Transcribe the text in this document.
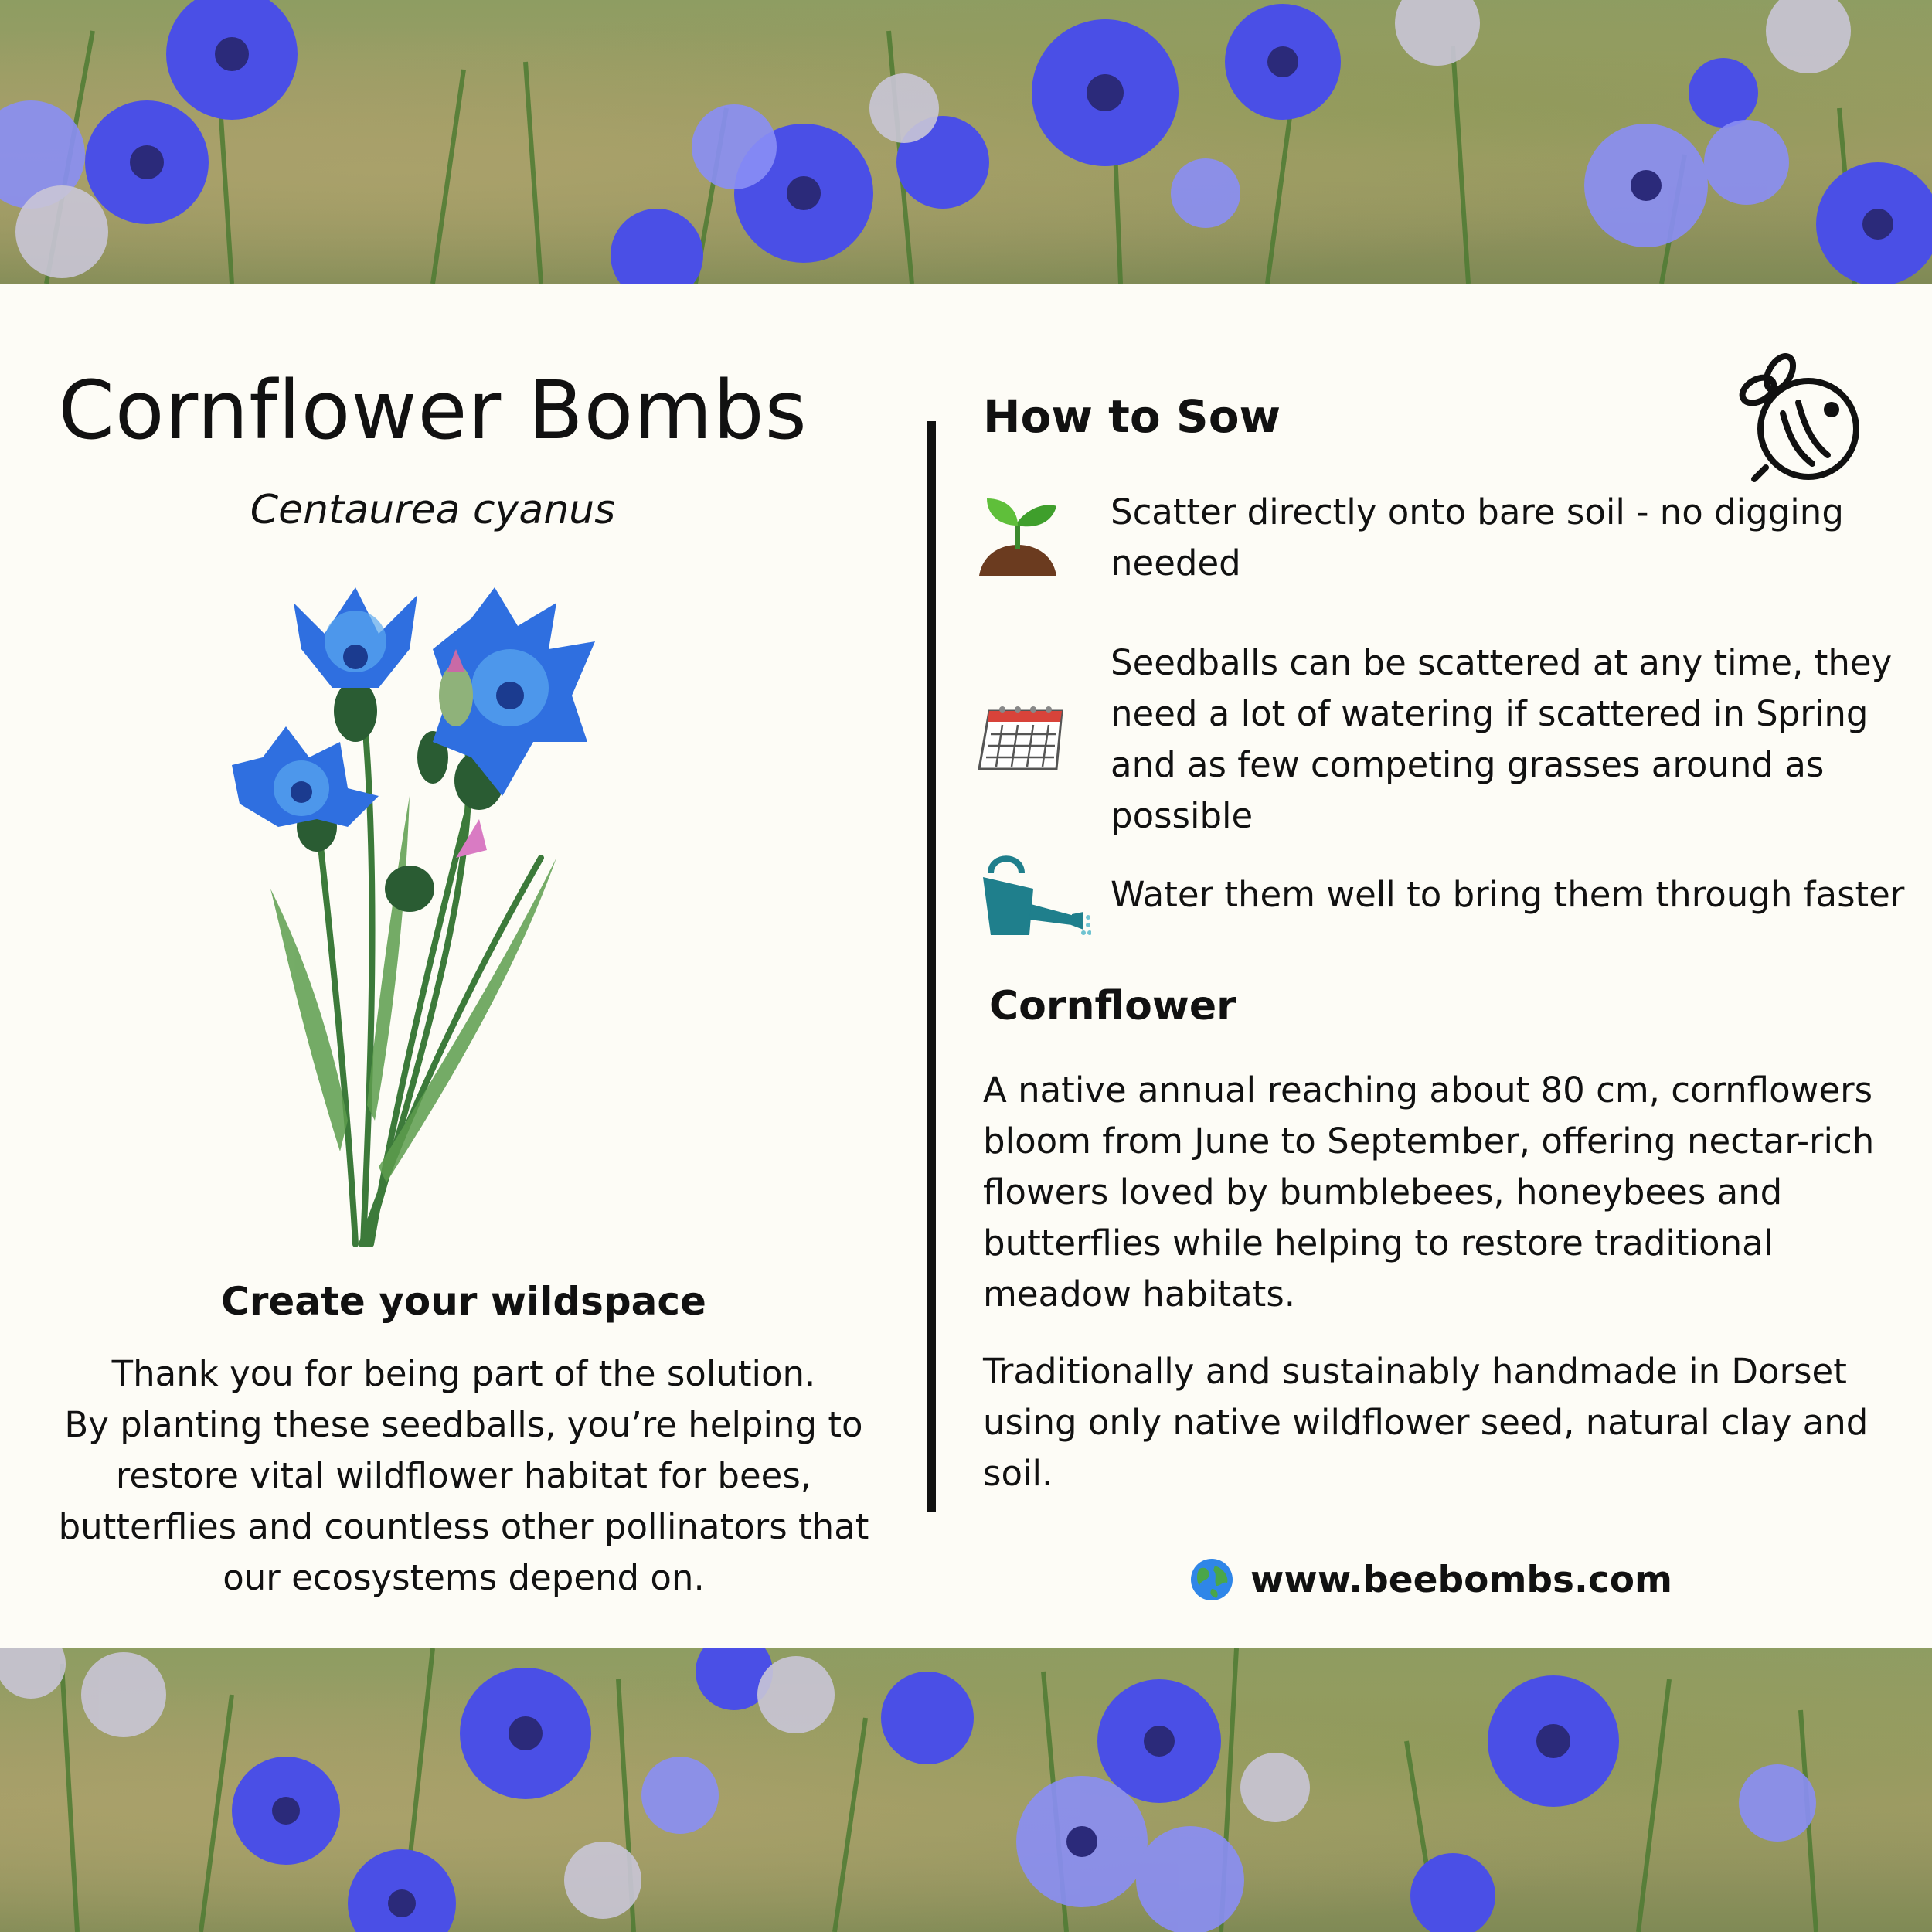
Cornflower Bombs
Centaurea cyanus
Create your wildspace
Thank you for being part of the solution.
By planting these seedballs, you’re helping to
restore vital wildflower habitat for bees,
butterflies and countless other pollinators that
our ecosystems depend on.
How to Sow
Scatter directly onto bare soil - no digging needed
Seedballs can be scattered at any time, they need a lot of watering if scattered in Spring and as few competing grasses around as possible
Water them well to bring them through faster
Cornflower
A native annual reaching about 80 cm, cornflowers bloom from June to September, offering nectar-rich flowers loved by bumblebees, honeybees and butterflies while helping to restore traditional meadow habitats.
Traditionally and sustainably handmade in Dorset using only native wildflower seed, natural clay and soil.
www.beebombs.com
